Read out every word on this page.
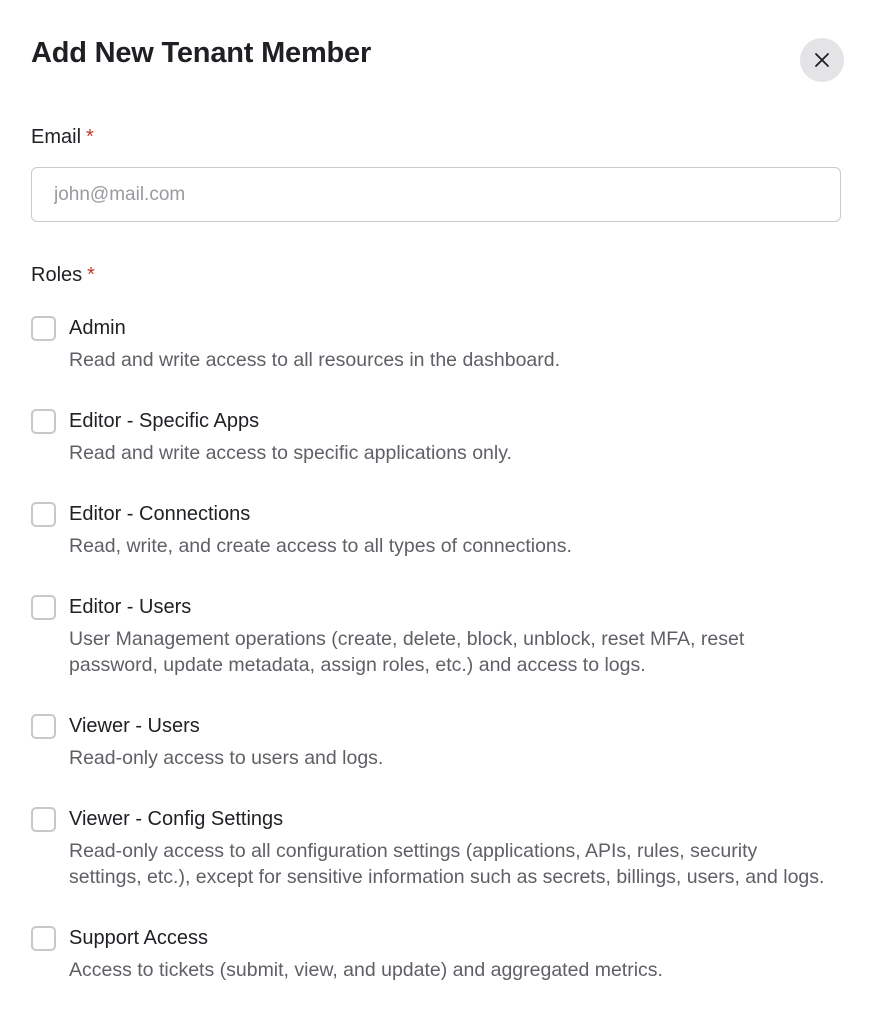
Add New Tenant Member
Email *
john@mail.com
Roles *
Admin
Read and write access to all resources in the dashboard.
Editor - Specific Apps
Read and write access to specific applications only.
Editor - Connections
Read, write, and create access to all types of connections.
Editor - Users
User Management operations (create, delete, block, unblock, reset MFA, reset password, update metadata, assign roles, etc.) and access to logs.
Viewer - Users
Read-only access to users and logs.
Viewer - Config Settings
Read-only access to all configuration settings (applications, APIs, rules, security settings, etc.), except for sensitive information such as secrets, billings, users, and logs.
Support Access
Access to tickets (submit, view, and update) and aggregated metrics.
